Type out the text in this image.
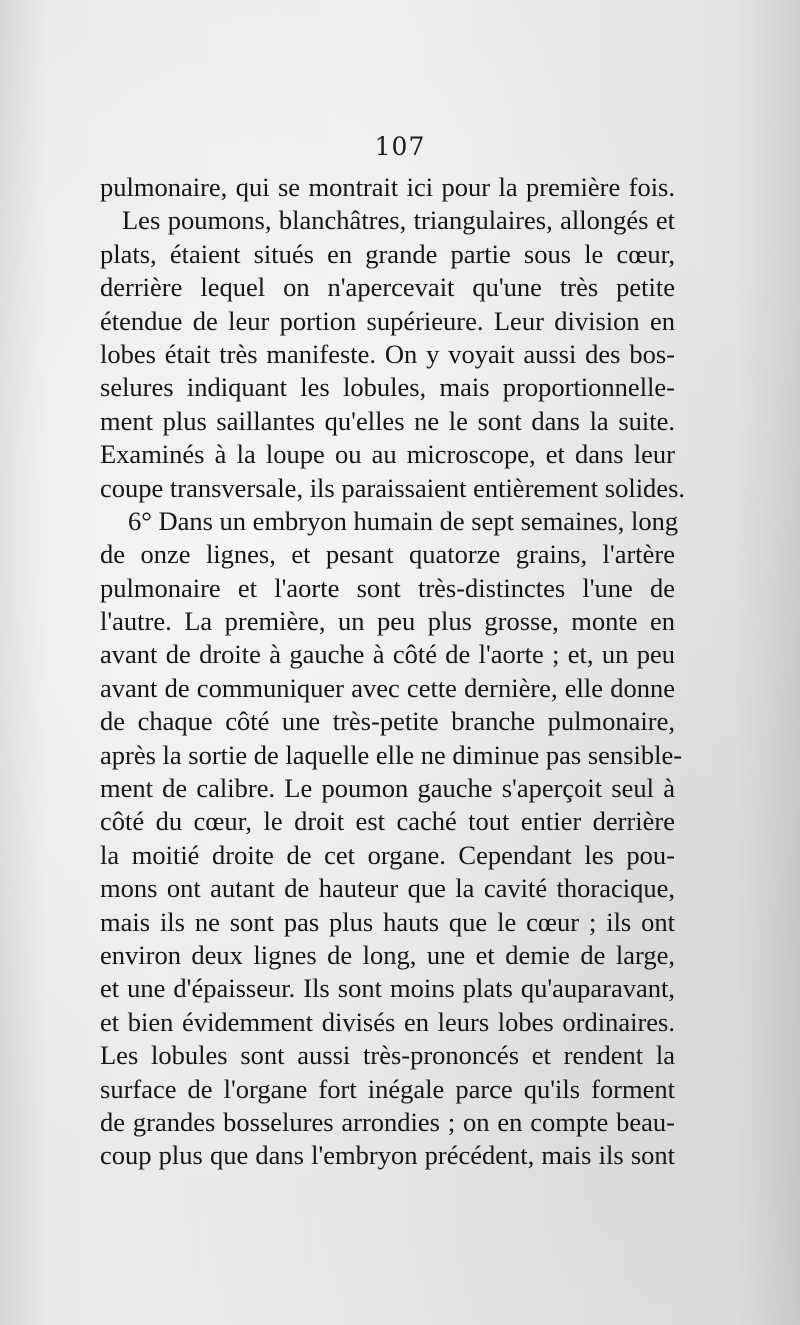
107
pulmonaire, qui se montrait ici pour la première fois.
Les poumons, blanchâtres, triangulaires, allongés et
plats, étaient situés en grande partie sous le cœur,
derrière lequel on n'apercevait qu'une très petite
étendue de leur portion supérieure. Leur division en
lobes était très manifeste. On y voyait aussi des bos-
selures indiquant les lobules, mais proportionnelle-
ment plus saillantes qu'elles ne le sont dans la suite.
Examinés à la loupe ou au microscope, et dans leur
coupe transversale, ils paraissaient entièrement solides.
6° Dans un embryon humain de sept semaines, long
de onze lignes, et pesant quatorze grains, l'artère
pulmonaire et l'aorte sont très-distinctes l'une de
l'autre. La première, un peu plus grosse, monte en
avant de droite à gauche à côté de l'aorte ; et, un peu
avant de communiquer avec cette dernière, elle donne
de chaque côté une très-petite branche pulmonaire,
après la sortie de laquelle elle ne diminue pas sensible-
ment de calibre. Le poumon gauche s'aperçoit seul à
côté du cœur, le droit est caché tout entier derrière
la moitié droite de cet organe. Cependant les pou-
mons ont autant de hauteur que la cavité thoracique,
mais ils ne sont pas plus hauts que le cœur ; ils ont
environ deux lignes de long, une et demie de large,
et une d'épaisseur. Ils sont moins plats qu'auparavant,
et bien évidemment divisés en leurs lobes ordinaires.
Les lobules sont aussi très-prononcés et rendent la
surface de l'organe fort inégale parce qu'ils forment
de grandes bosselures arrondies ; on en compte beau-
coup plus que dans l'embryon précédent, mais ils sont
